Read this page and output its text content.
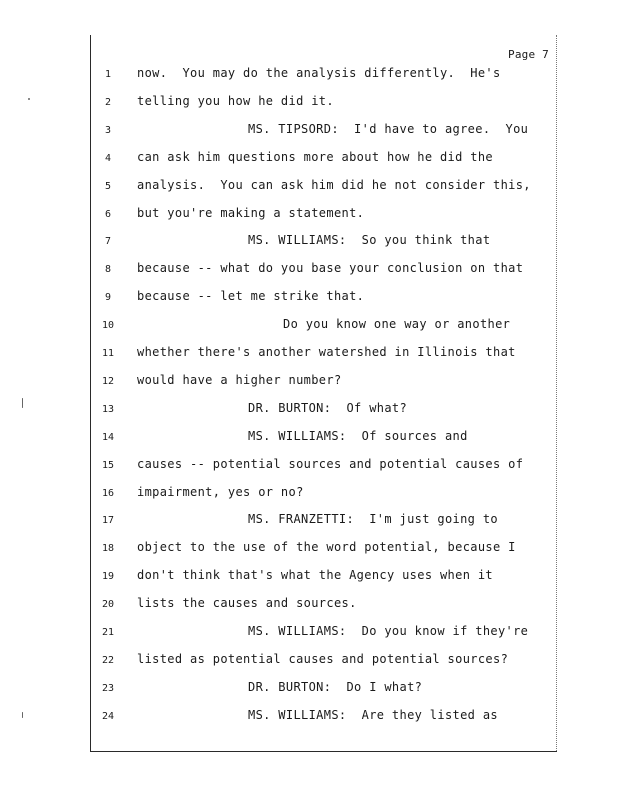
Page 7
1	now.  You may do the analysis differently.  He's
2	telling you how he did it.
3	MS. TIPSORD:  I'd have to agree.  You
4	can ask him questions more about how he did the
5	analysis.  You can ask him did he not consider this,
6	but you're making a statement.
7	MS. WILLIAMS:  So you think that
8	because -- what do you base your conclusion on that
9	because -- let me strike that.
10	Do you know one way or another
11	whether there's another watershed in Illinois that
12	would have a higher number?
13	DR. BURTON:  Of what?
14	MS. WILLIAMS:  Of sources and
15	causes -- potential sources and potential causes of
16	impairment, yes or no?
17	MS. FRANZETTI:  I'm just going to
18	object to the use of the word potential, because I
19	don't think that's what the Agency uses when it
20	lists the causes and sources.
21	MS. WILLIAMS:  Do you know if they're
22	listed as potential causes and potential sources?
23	DR. BURTON:  Do I what?
24	MS. WILLIAMS:  Are they listed as
